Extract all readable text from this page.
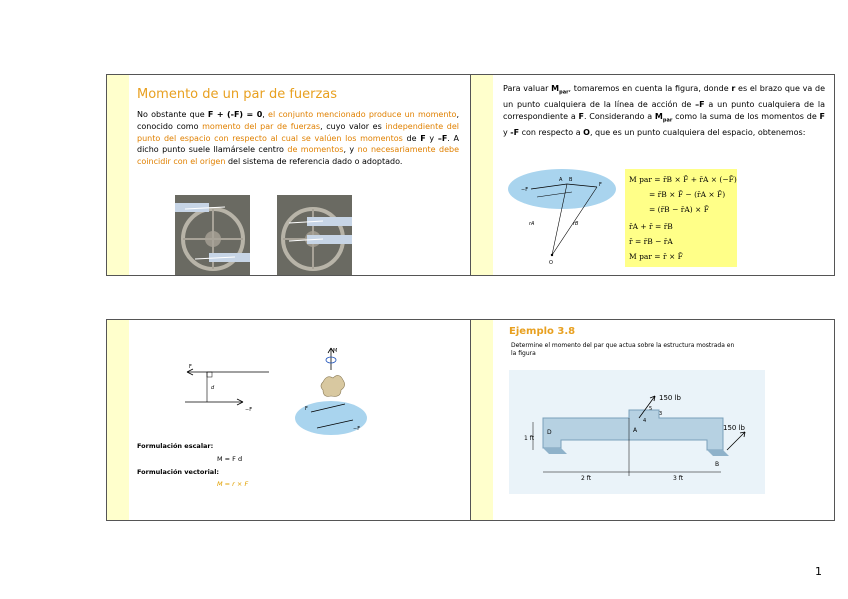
Momento de un par de fuerzas
No obstante que F + (-F) = 0, el conjunto mencionado produce un momento, conocido como momento del par de fuerzas, cuyo valor es independiente del punto del espacio con respecto al cual se valúen los momentos de F y –F. A dicho punto suele llamársele centro de momentos, y no necesariamente debe coincidir con el origen del sistema de referencia dado o adoptado.
Para valuar $M_{par}$, tomaremos en cuenta la figura, donde r es el brazo que va de un punto cualquiera de la línea de acción de –F a un punto cualquiera de la correspondiente a F. Considerando a $M_{par}$ como la suma de los momentos de F y -F con respecto a O, que es un punto cualquiera del espacio, obtenemos:
O
rA	rB
F
−F
A B	M par = r̄B × F̄ + r̄A × (−F̄)
= r̄B × F̄ − (r̄A × F̄)
= (r̄B − r̄A) × F̄
r̄A + r̄ = r̄B
r̄ = r̄B − r̄A
M par = r̄ × F̄
F
d
−F
M
F
−F
Formulación escalar:
M = F d
Formulación vectorial:
M = r × F
Ejemplo 3.8
Determine el momento del par que actua sobre la estructura mostrada en la figura
150 lb
150 lb
D	A
B
1 ft
2 ft	3 ft
5
3
4
1
